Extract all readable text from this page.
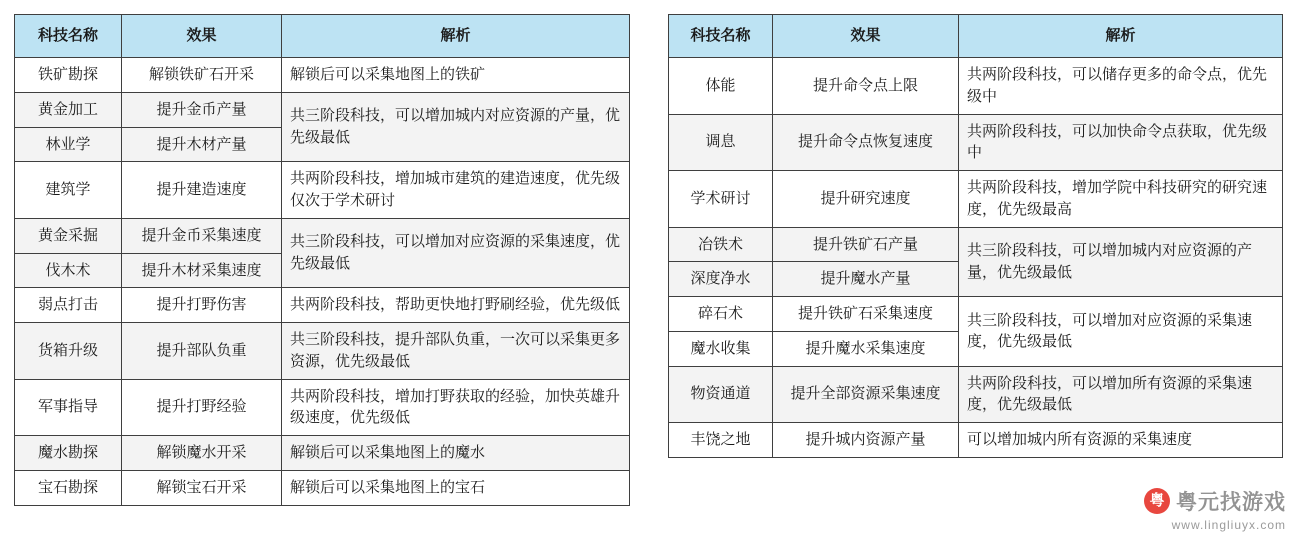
科技名称	效果	解析
铁矿勘探	解锁铁矿石开采	解锁后可以采集地图上的铁矿
黄金加工	提升金币产量	共三阶段科技，可以增加城内对应资源的产量，优先级最低
林业学	提升木材产量	
建筑学	提升建造速度	共两阶段科技，增加城市建筑的建造速度，优先级仅次于学术研讨
黄金采掘	提升金币采集速度	共三阶段科技，可以增加对应资源的采集速度，优先级最低
伐木术	提升木材采集速度	
弱点打击	提升打野伤害	共两阶段科技，帮助更快地打野刷经验，优先级低
货箱升级	提升部队负重	共三阶段科技，提升部队负重，一次可以采集更多资源，优先级最低
军事指导	提升打野经验	共两阶段科技，增加打野获取的经验，加快英雄升级速度，优先级低
魔水勘探	解锁魔水开采	解锁后可以采集地图上的魔水
宝石勘探	解锁宝石开采	解锁后可以采集地图上的宝石
科技名称	效果	解析
体能	提升命令点上限	共两阶段科技，可以储存更多的命令点，优先级中
调息	提升命令点恢复速度	共两阶段科技，可以加快命令点获取，优先级中
学术研讨	提升研究速度	共两阶段科技，增加学院中科技研究的研究速度，优先级最高
冶铁术	提升铁矿石产量	共三阶段科技，可以增加城内对应资源的产量，优先级最低
深度净水	提升魔水产量	
碎石术	提升铁矿石采集速度	共三阶段科技，可以增加对应资源的采集速度，优先级最低
魔水收集	提升魔水采集速度	
物资通道	提升全部资源采集速度	共两阶段科技，可以增加所有资源的采集速度，优先级最低
丰饶之地	提升城内资源产量	可以增加城内所有资源的采集速度
粤 粤元找游戏
www.lingliuyx.com
